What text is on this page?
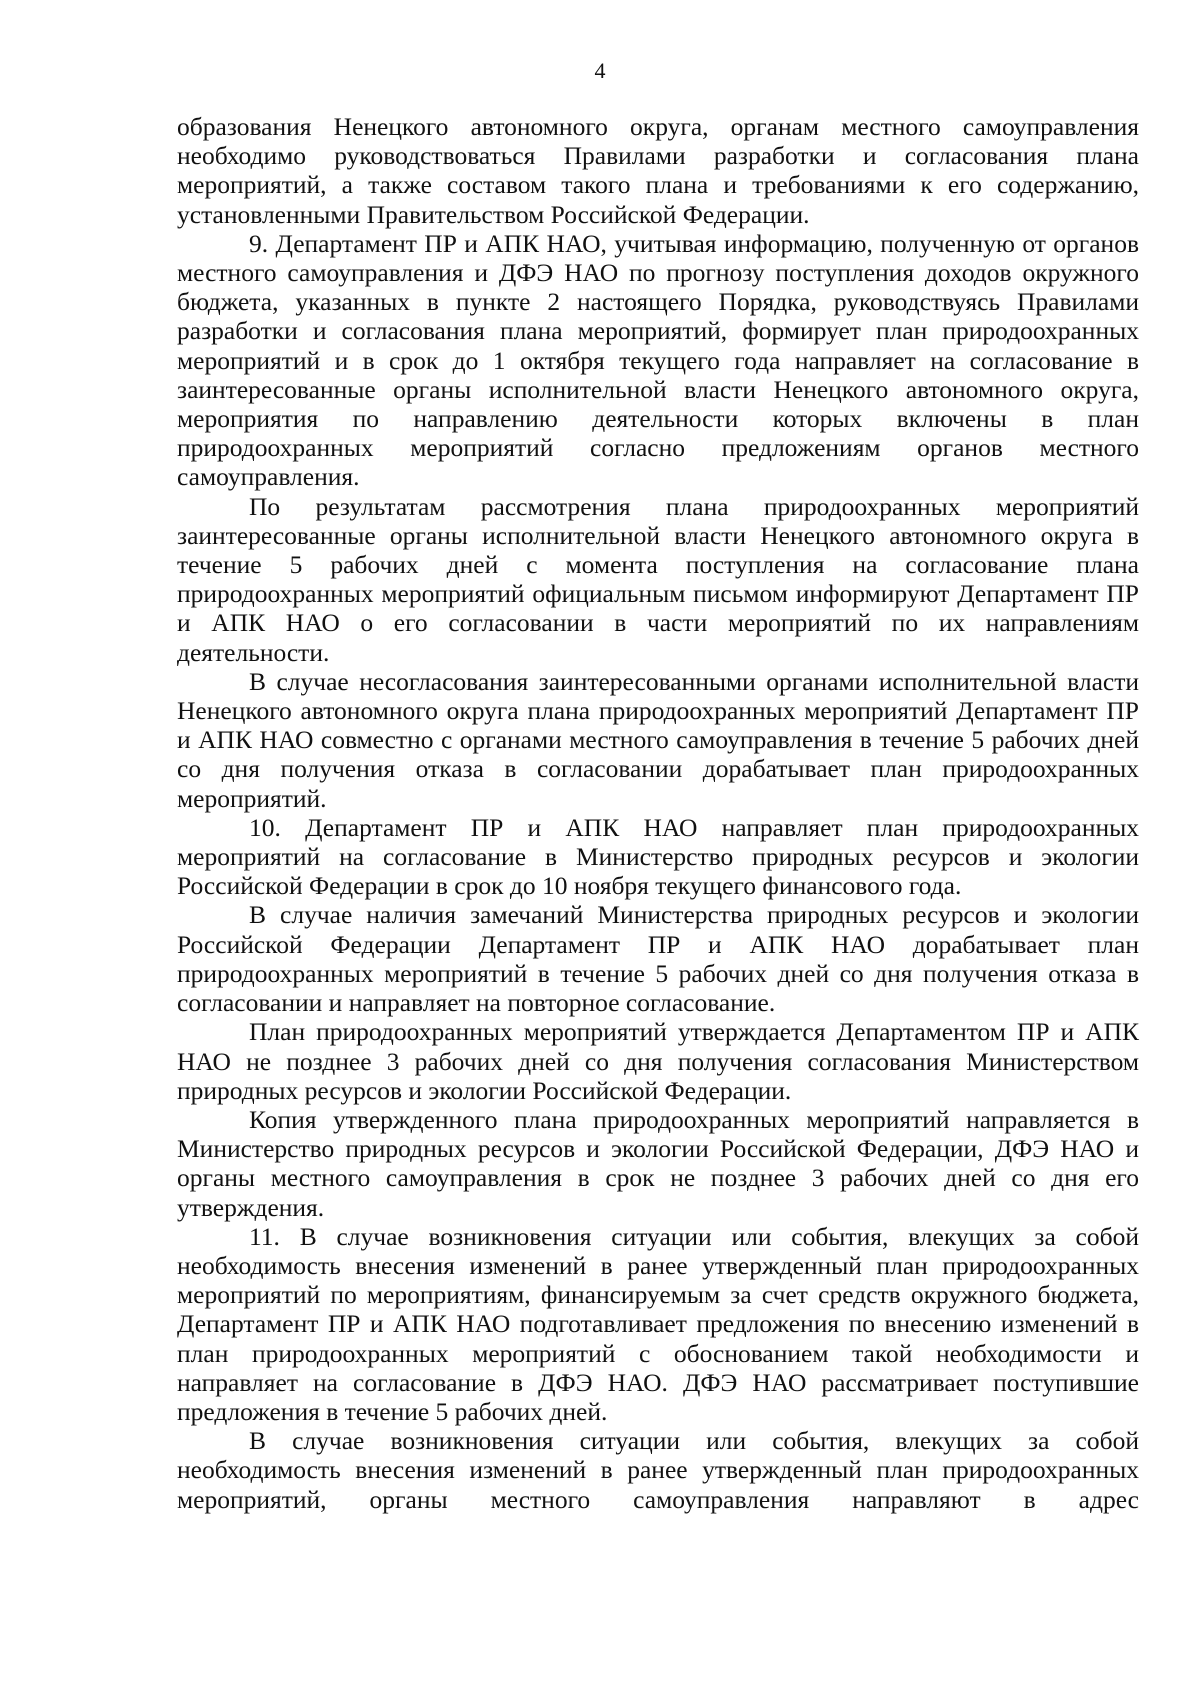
4

образования Ненецкого автономного округа, органам местного самоуправления необходимо руководствоваться Правилами разработки и согласования плана мероприятий, а также составом такого плана и требованиями к его содержанию, установленными Правительством Российской Федерации.

9. Департамент ПР и АПК НАО, учитывая информацию, полученную от органов местного самоуправления и ДФЭ НАО по прогнозу поступления доходов окружного бюджета, указанных в пункте 2 настоящего Порядка, руководствуясь Правилами разработки и согласования плана мероприятий, формирует план природоохранных мероприятий и в срок до 1 октября текущего года направляет на согласование в заинтересованные органы исполнительной власти Ненецкого автономного округа, мероприятия по направлению деятельности которых включены в план природоохранных мероприятий согласно предложениям органов местного самоуправления.

По результатам рассмотрения плана природоохранных мероприятий заинтересованные органы исполнительной власти Ненецкого автономного округа в течение 5 рабочих дней с момента поступления на согласование плана природоохранных мероприятий официальным письмом информируют Департамент ПР и АПК НАО о его согласовании в части мероприятий по их направлениям деятельности.

В случае несогласования заинтересованными органами исполнительной власти Ненецкого автономного округа плана природоохранных мероприятий Департамент ПР и АПК НАО совместно с органами местного самоуправления в течение 5 рабочих дней со дня получения отказа в согласовании дорабатывает план природоохранных мероприятий.

10. Департамент ПР и АПК НАО направляет план природоохранных мероприятий на согласование в Министерство природных ресурсов и экологии Российской Федерации в срок до 10 ноября текущего финансового года.

В случае наличия замечаний Министерства природных ресурсов и экологии Российской Федерации Департамент ПР и АПК НАО дорабатывает план природоохранных мероприятий в течение 5 рабочих дней со дня получения отказа в согласовании и направляет на повторное согласование.

План природоохранных мероприятий утверждается Департаментом ПР и АПК НАО не позднее 3 рабочих дней со дня получения согласования Министерством природных ресурсов и экологии Российской Федерации.

Копия утвержденного плана природоохранных мероприятий направляется в Министерство природных ресурсов и экологии Российской Федерации, ДФЭ НАО и органы местного самоуправления в срок не позднее 3 рабочих дней со дня его утверждения.

11. В случае возникновения ситуации или события, влекущих за собой необходимость внесения изменений в ранее утвержденный план природоохранных мероприятий по мероприятиям, финансируемым за счет средств окружного бюджета, Департамент ПР и АПК НАО подготавливает предложения по внесению изменений в план природоохранных мероприятий с обоснованием такой необходимости и направляет на согласование в ДФЭ НАО. ДФЭ НАО рассматривает поступившие предложения в течение 5 рабочих дней.

В случае возникновения ситуации или события, влекущих за собой необходимость внесения изменений в ранее утвержденный план природоохранных мероприятий, органы местного самоуправления направляют в адрес
